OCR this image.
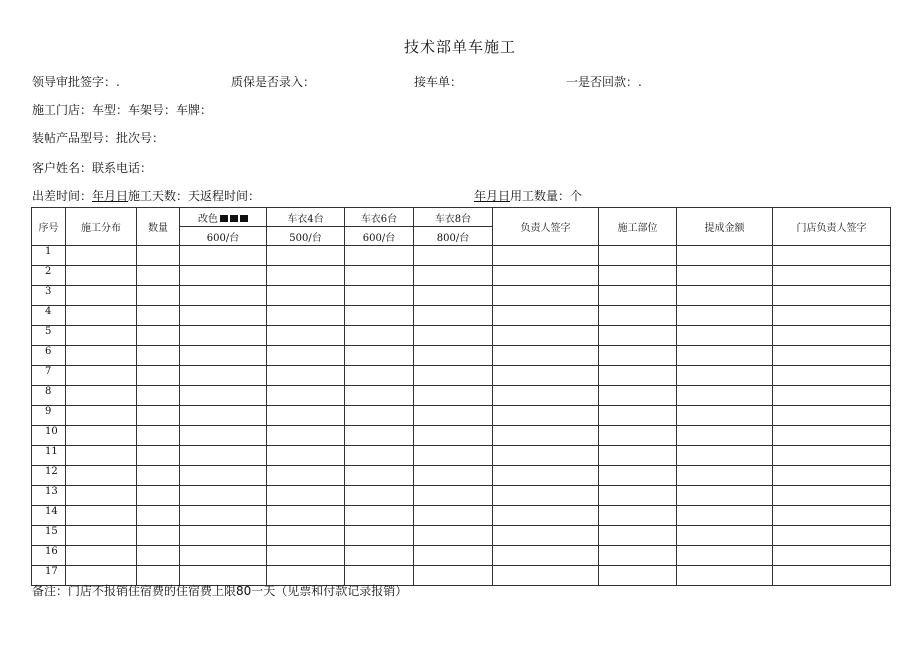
技术部单车施工
领导审批签字：.	质保是否录入：	接车单：	一是否回款：.
施工门店：车型：车架号：车牌：
装帖产品型号：批次号：
客户姓名：联系电话：
出差时间：年月日施工天数：天返程时间：	年月日用工数量：个
序号	施工分布	数量	改色	车衣4台	车衣6台	车衣8台	负责人签字	施工部位	提成金额	门店负责人签字
			600/台	500/台	600/台	800/台				
1										
2										
3										
4										
5										
6										
7										
8										
9										
10										
11										
12										
13										
14										
15										
16										
17										
备注：门店不报销住宿费的住宿费上限80一天（见票和付款记录报销）
